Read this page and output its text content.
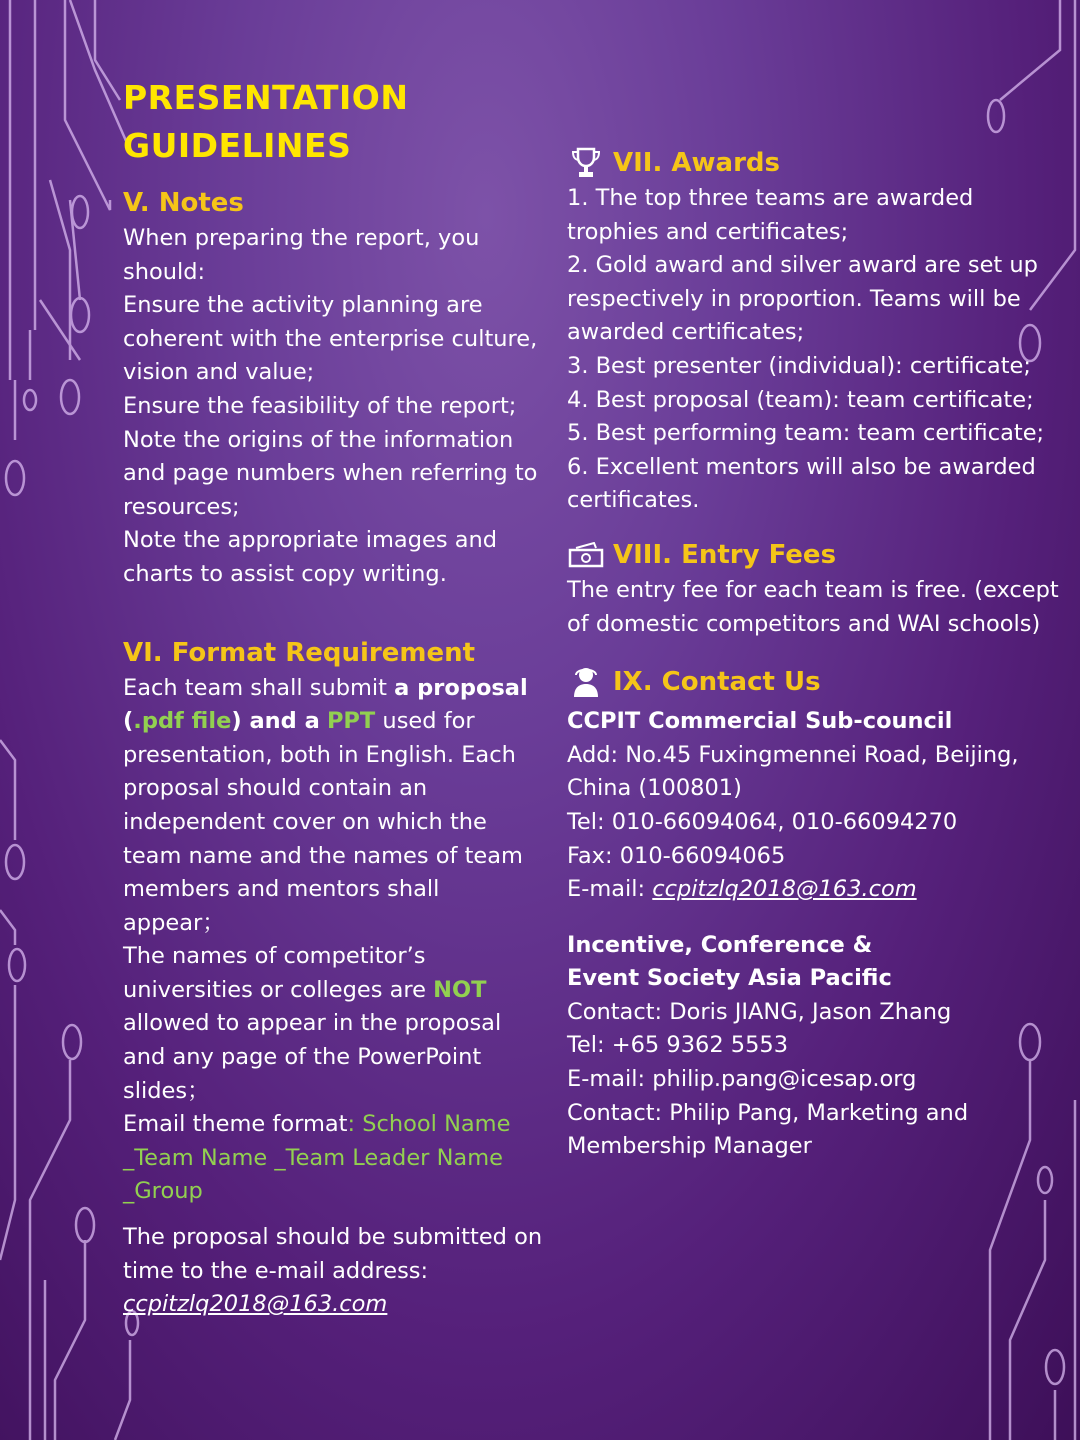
PRESENTATION GUIDELINES
V. Notes

When preparing the report, you should:

Ensure the activity planning are coherent with the enterprise culture, vision and value;

Ensure the feasibility of the report;

Note the origins of the information and page numbers when referring to resources;

Note the appropriate images and charts to assist copy writing.

VI. Format Requirement

Each team shall submit a proposal (.pdf file) and a PPT used for presentation, both in English. Each proposal should contain an independent cover on which the team name and the names of team members and mentors shall appear；

The names of competitor’s universities or colleges are NOT allowed to appear in the proposal and any page of the PowerPoint slides；

Email theme format: School Name _Team Name _Team Leader Name _Group

The proposal should be submitted on time to the e-mail address:

ccpitzlq2018@163.com

VII. Awards

1. The top three teams are awarded trophies and certificates;

2. Gold award and silver award are set up respectively in proportion. Teams will be awarded certificates;

3. Best presenter (individual): certificate;

4. Best proposal (team): team certificate;

5. Best performing team: team certificate;

6. Excellent mentors will also be awarded certificates.

VIII. Entry Fees

The entry fee for each team is free. (except of domestic competitors and WAI schools)

IX. Contact Us

CCPIT Commercial Sub-council

Add: No.45 Fuxingmennei Road, Beijing, China (100801)

Tel: 010-66094064, 010-66094270

Fax: 010-66094065

E-mail: ccpitzlq2018@163.com

Incentive, Conference & Event Society Asia Pacific

Contact: Doris JIANG, Jason Zhang

Tel: +65 9362 5553

E-mail: philip.pang@icesap.org

Contact: Philip Pang, Marketing and Membership Manager
